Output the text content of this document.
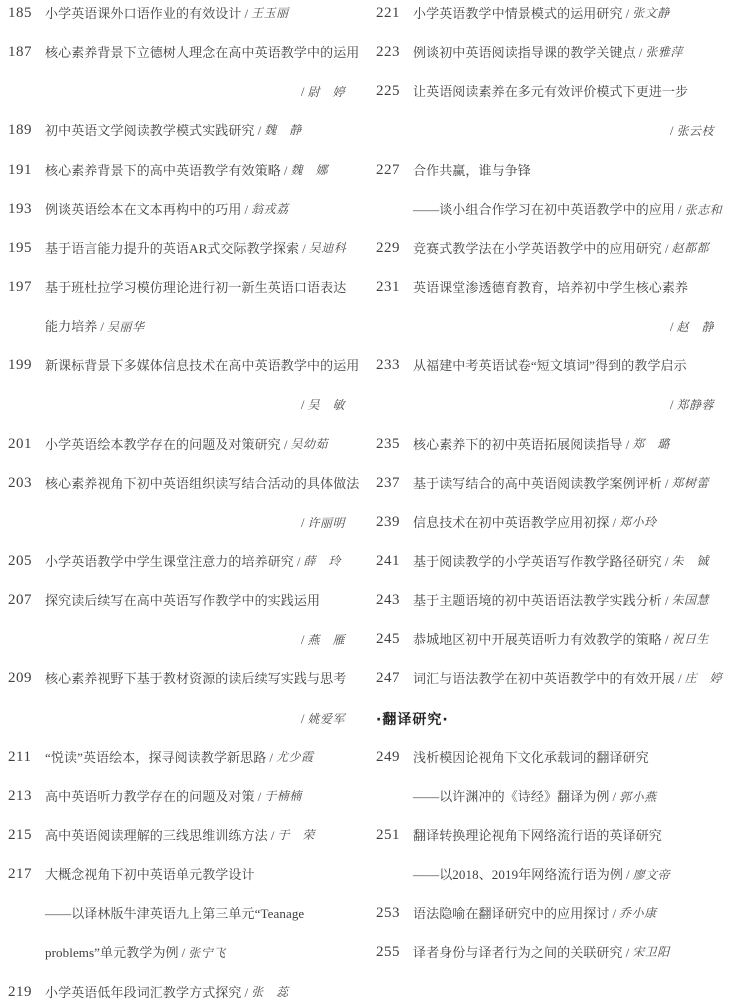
185	小学英语课外口语作业的有效设计 / 王玉丽
187	核心素养背景下立德树人理念在高中英语教学中的运用
/ 尉　婷
189	初中英语文学阅读教学模式实践研究 / 魏　静
191	核心素养背景下的高中英语教学有效策略 / 魏　娜
193	例谈英语绘本在文本再构中的巧用 / 翁戎荔
195	基于语言能力提升的英语AR式交际教学探索 / 吴迪科
197	基于班杜拉学习模仿理论进行初一新生英语口语表达
能力培养 / 吴丽华
199	新课标背景下多媒体信息技术在高中英语教学中的运用
/ 吴　敏
201	小学英语绘本教学存在的问题及对策研究 / 吴幼茹
203	核心素养视角下初中英语组织读写结合活动的具体做法
/ 许丽明
205	小学英语教学中学生课堂注意力的培养研究 / 薛　玲
207	探究读后续写在高中英语写作教学中的实践运用
/ 燕　雁
209	核心素养视野下基于教材资源的读后续写实践与思考
/ 姚爱军
211	“悦读”英语绘本，探寻阅读教学新思路 / 尤少霞
213	高中英语听力教学存在的问题及对策 / 于楠楠
215	高中英语阅读理解的三线思维训练方法 / 于　荣
217	大概念视角下初中英语单元教学设计
——以译林版牛津英语九上第三单元“Teanage
problems”单元教学为例 / 张宁飞
219	小学英语低年段词汇教学方式探究 / 张　蕊
221	小学英语教学中情景模式的运用研究 / 张文静
223	例谈初中英语阅读指导课的教学关键点 / 张雅萍
225	让英语阅读素养在多元有效评价模式下更进一步
/ 张云枝
227	合作共赢，谁与争锋
——谈小组合作学习在初中英语教学中的应用 / 张志和
229	竞赛式教学法在小学英语教学中的应用研究 / 赵都都
231	英语课堂渗透德育教育，培养初中学生核心素养
/ 赵　静
233	从福建中考英语试卷“短文填词”得到的教学启示
/ 郑静蓉
235	核心素养下的初中英语拓展阅读指导 / 郑　璐
237	基于读写结合的高中英语阅读教学案例评析 / 郑树蕾
239	信息技术在初中英语教学应用初探 / 郑小玲
241	基于阅读教学的小学英语写作教学路径研究 / 朱　铖
243	基于主题语境的初中英语语法教学实践分析 / 朱国慧
245	恭城地区初中开展英语听力有效教学的策略 / 祝日生
247	词汇与语法教学在初中英语教学中的有效开展 / 庄　婷
·翻译研究·
249	浅析模因论视角下文化承载词的翻译研究
——以许渊冲的《诗经》翻译为例 / 郭小燕
251	翻译转换理论视角下网络流行语的英译研究
——以2018、2019年网络流行语为例 / 廖文帝
253	语法隐喻在翻译研究中的应用探讨 / 乔小康
255	译者身份与译者行为之间的关联研究 / 宋卫阳
